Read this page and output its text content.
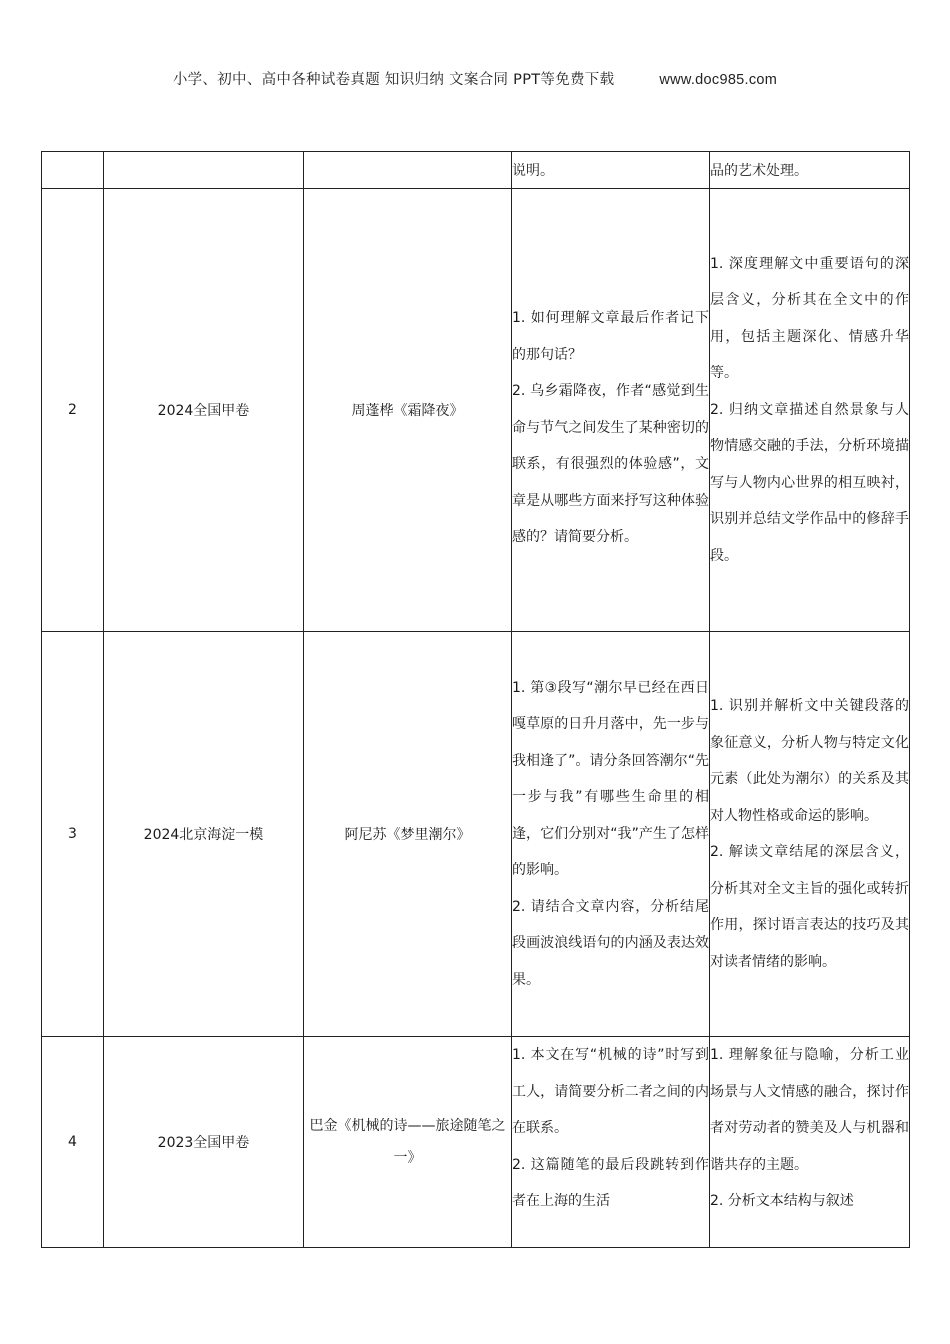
小学、初中、高中各种试卷真题 知识归纳 文案合同 PPT等免费下载	www.doc985.com
			说明。	品的艺术处理。
2	2024全国甲卷	周蓬桦《霜降夜》	1. 如何理解文章最后作者记下的那句话？
2. 乌乡霜降夜，作者“感觉到生命与节气之间发生了某种密切的联系，有很强烈的体验感”，文章是从哪些方面来抒写这种体验感的？请简要分析。	1. 深度理解文中重要语句的深层含义，分析其在全文中的作用，包括主题深化、情感升华等。
2. 归纳文章描述自然景象与人物情感交融的手法，分析环境描写与人物内心世界的相互映衬，识别并总结文学作品中的修辞手段。

3	2024北京海淀一模	阿尼苏《梦里潮尔》	1. 第③段写“潮尔早已经在西日嘎草原的日升月落中，先一步与我相逢了”。请分条回答潮尔“先一步与我”有哪些生命里的相逢，它们分别对“我”产生了怎样的影响。
2. 请结合文章内容，分析结尾段画波浪线语句的内涵及表达效果。	1. 识别并解析文中关键段落的象征意义，分析人物与特定文化元素（此处为潮尔）的关系及其对人物性格或命运的影响。
2. 解读文章结尾的深层含义，分析其对全文主旨的强化或转折作用，探讨语言表达的技巧及其对读者情绪的影响。

4	2023全国甲卷	巴金《机械的诗——旅途随笔之一》	1. 本文在写“机械的诗”时写到工人，请简要分析二者之间的内在联系。
2. 这篇随笔的最后段跳转到作者在上海的生活	1. 理解象征与隐喻，分析工业场景与人文情感的融合，探讨作者对劳动者的赞美及人与机器和谐共存的主题。
2. 分析文本结构与叙述
